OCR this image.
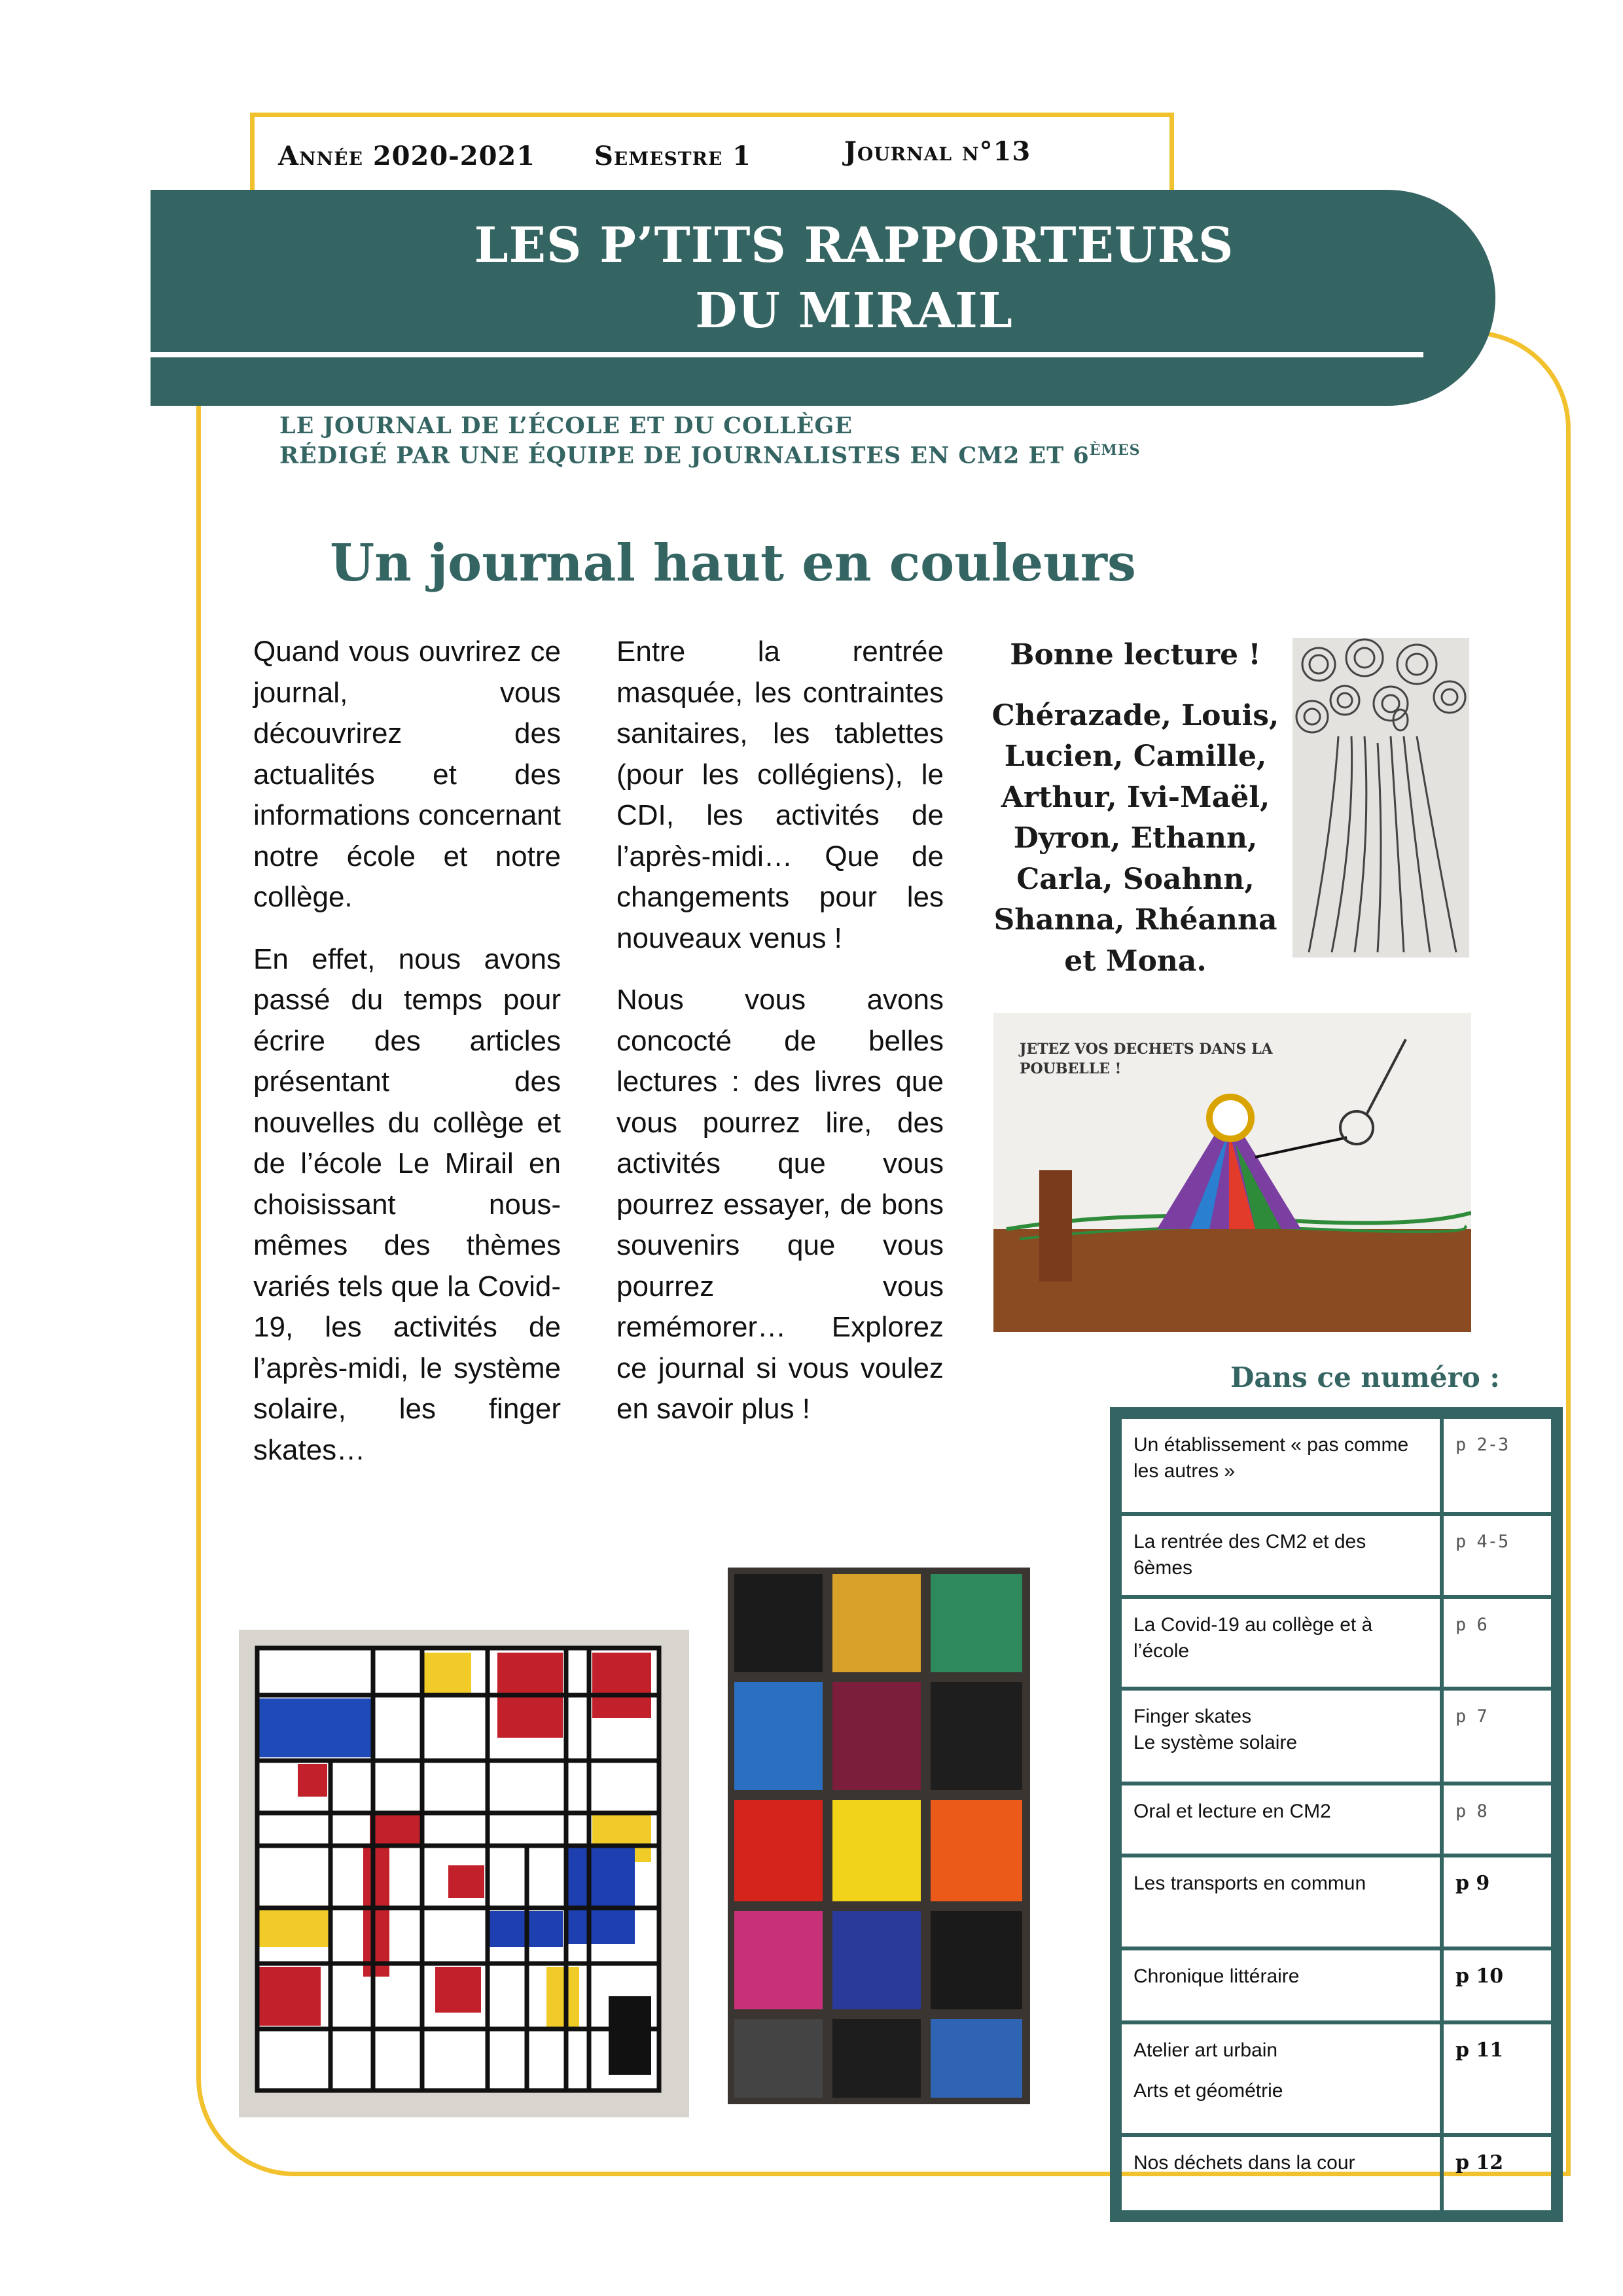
Année 2020-2021 Semestre 1	Journal n°13
LES P’TITS RAPPORTEURS
DU MIRAIL
LE JOURNAL DE L’ÉCOLE ET DU COLLÈGE
RÉDIGÉ PAR UNE ÉQUIPE DE JOURNALISTES EN CM2 ET 6ÈMES
Un journal haut en couleurs

Quand vous ouvrirez ce journal, vous découvrirez des actualités et des informations concernant notre école et notre collège.

En effet, nous avons passé du temps pour écrire des articles présentant des nouvelles du collège et de l’école Le Mirail en choisissant nous-mêmes des thèmes variés tels que la Covid-19, les activités de l’après-midi, le système solaire, les finger skates…

Entre la rentrée masquée, les contraintes sanitaires, les tablettes (pour les collégiens), le CDI, les activités de l’après-midi… Que de changements pour les nouveaux venus !

Nous vous avons concocté de belles lectures : des livres que vous pourrez lire, des activités que vous pourrez essayer, de bons souvenirs que vous pourrez vous remémorer… Explorez ce journal si vous voulez en savoir plus !

Bonne lecture !
Chérazade, Louis, Lucien, Camille, Arthur, Ivi-Maël, Dyron, Ethann, Carla, Soahnn, Shanna, Rhéanna et Mona.
JETEZ VOS DECHETS DANS LA
POUBELLE !
Dans ce numéro :
Un établissement « pas comme les autres »	p 2-3
La rentrée des CM2 et des 6èmes	p 4-5
La Covid-19 au collège et à l’école	p 6

Finger skates
Le système solaire	p 7
Oral et lecture en CM2	p 8
Les transports en commun	p 9
Chronique littéraire	p 10

Atelier art urbain
Arts et géométrie	p 11
Nos déchets dans la cour	p 12
